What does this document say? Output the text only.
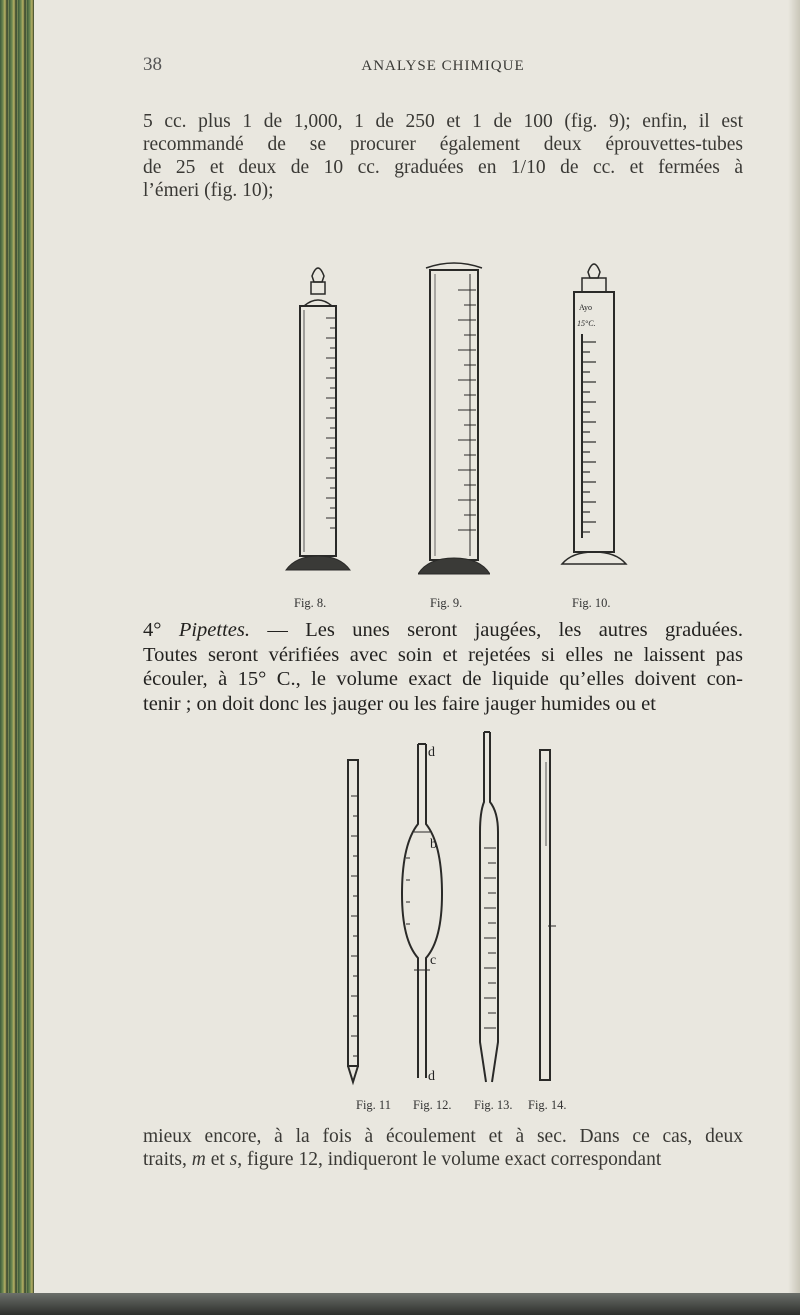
38	ANALYSE CHIMIQUE
5 cc. plus 1 de 1,000, 1 de 250 et 1 de 100 (fig. 9); enfin, il est
recommandé de se procurer également deux éprouvettes-tubes
de 25 et deux de 10 cc. graduées en 1/10 de cc. et fermées à
l’émeri (fig. 10);
Fig. 8.	Fig. 9.
Ayo
15°C.
Fig. 10.
4° Pipettes. — Les unes seront jaugées, les autres graduées.
Toutes seront vérifiées avec soin et rejetées si elles ne laissent pas
écouler, à 15° C., le volume exact de liquide qu’elles doivent con-
tenir ; on doit donc les jauger ou les faire jauger humides ou et
d
b
c
d
Fig. 11 Fig. 12. Fig. 13. Fig. 14.
mieux encore, à la fois à écoulement et à sec. Dans ce cas, deux
traits, m et s, figure 12, indiqueront le volume exact correspondant
